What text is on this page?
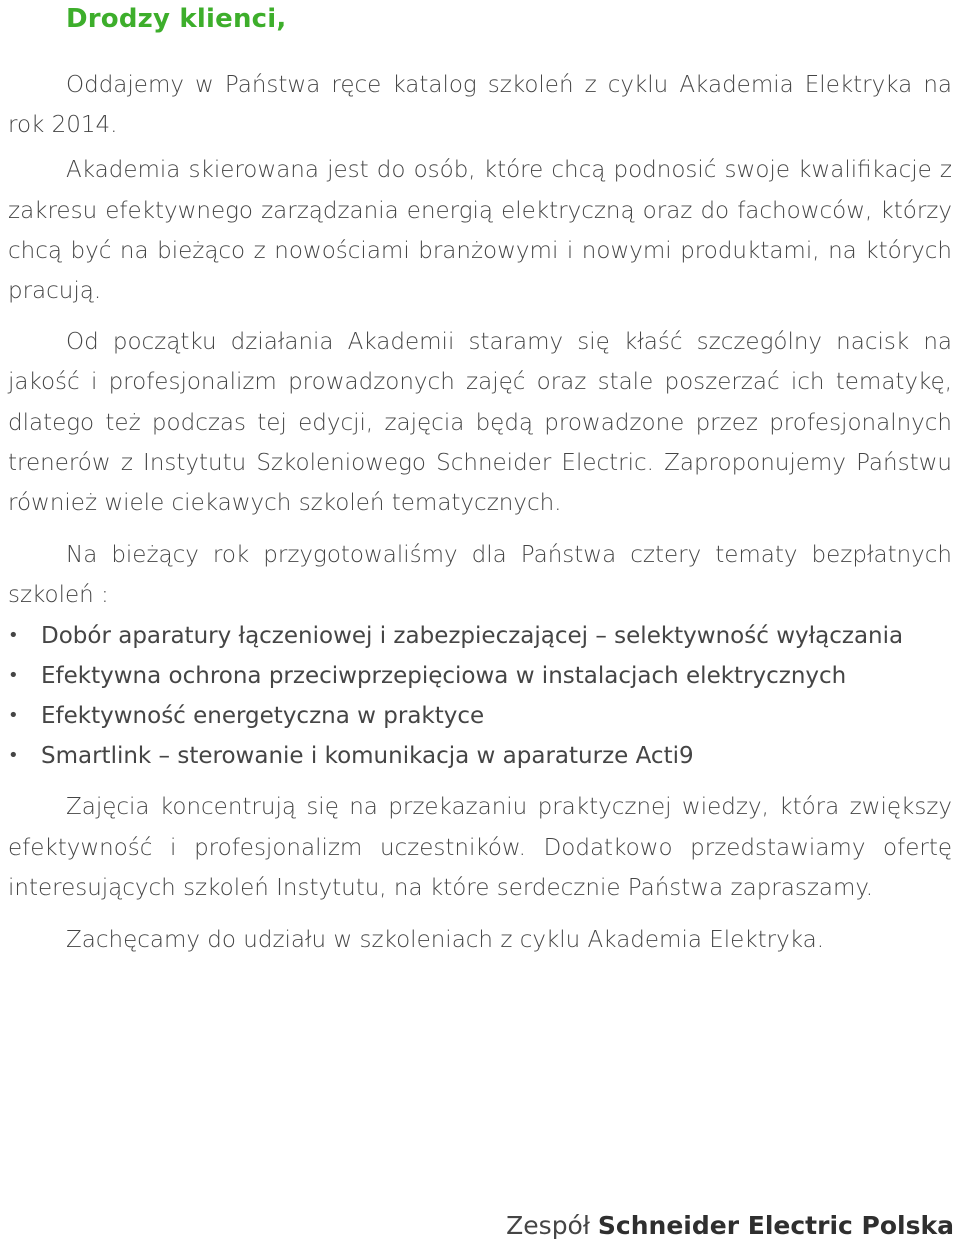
Drodzy klienci,

Oddajemy w Państwa ręce katalog szkoleń z cyklu Akademia Elektryka na rok 2014.

Akademia skierowana jest do osób, które chcą podnosić swoje kwalifikacje z zakresu efektywnego zarządzania energią elektryczną oraz do fachowców, którzy chcą być na bieżąco z nowościami branżowymi i nowymi produktami, na których pracują.

Od początku działania Akademii staramy się kłaść szczególny nacisk na jakość i profesjonalizm prowadzonych zajęć oraz stale poszerzać ich tematykę, dlatego też podczas tej edycji, zajęcia będą prowadzone przez profesjonalnych trenerów z Instytutu Szkoleniowego Schneider Electric. Zaproponujemy Państwu również wiele ciekawych szkoleń tematycznych.

Na bieżący rok przygotowaliśmy dla Państwa cztery tematy bezpłatnych szkoleń :

• Dobór aparatury łączeniowej i zabezpieczającej – selektywność wyłączania
• Efektywna ochrona przeciwprzepięciowa w instalacjach elektrycznych
• Efektywność energetyczna w praktyce
• Smartlink – sterowanie i komunikacja w aparaturze Acti9

Zajęcia koncentrują się na przekazaniu praktycznej wiedzy, która zwiększy efektywność i profesjonalizm uczestników. Dodatkowo przedstawiamy ofertę interesujących szkoleń Instytutu, na które serdecznie Państwa zapraszamy.

Zachęcamy do udziału w szkoleniach z cyklu Akademia Elektryka.

Zespół Schneider Electric Polska
